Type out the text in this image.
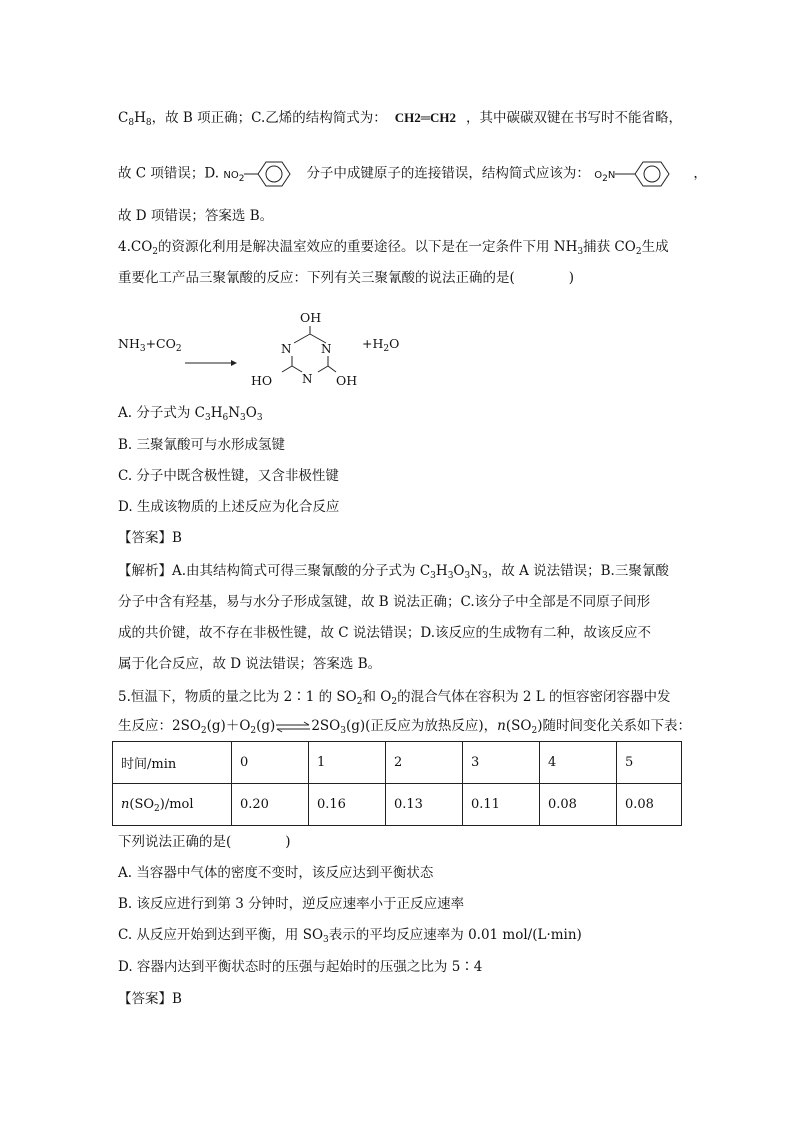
$C_8H_8$，故 B 项正确；C.乙烯的结构简式为： CH2═CH2 ，其中碳碳双键在书写时不能省略，
故 C 项错误；D. $NO_2$	分子中成键原子的连接错误，结构简式应该为： $O_2N$	，
故 D 项错误；答案选 B。
$4.CO_2$的资源化利用是解决温室效应的重要途径。以下是在一定条件下用 $NH_3$捕获 $CO_2$生成
重要化工产品三聚氰酸的反应：下列有关三聚氰酸的说法正确的是(	)
$NH_3+CO_2$
OH
N N
N
HO	OH
$+H_2O$
A. 分子式为 $C_3H_6N_3O_3$
B. 三聚氰酸可与水形成氢键
C. 分子中既含极性键，又含非极性键
D. 生成该物质的上述反应为化合反应
【答案】B
【解析】A.由其结构简式可得三聚氰酸的分子式为 $C_3H_3O_3N_3$，故 A 说法错误；B.三聚氰酸
分子中含有羟基，易与水分子形成氢键，故 B 说法正确；C.该分子中全部是不同原子间形
成的共价键，故不存在非极性键，故 C 说法错误；D.该反应的生成物有二种，故该反应不
属于化合反应，故 D 说法错误；答案选 B。
5.恒温下，物质的量之比为 2∶1 的 $SO_2$和 $O_2$的混合气体在容积为 2 L 的恒容密闭容器中发
生反应：$2SO_2(g)+O_2(g)\rightleftharpoons 2SO_3(g)$(正反应为放热反应)，$n(SO_2)$随时间变化关系如下表：
时间/min	0	1	2	3	4	5
$n(SO_2)$/mol	0.20	0.16	0.13	0.11	0.08	0.08
下列说法正确的是(	)
A. 当容器中气体的密度不变时，该反应达到平衡状态
B. 该反应进行到第 3 分钟时，逆反应速率小于正反应速率
C. 从反应开始到达到平衡，用 $SO_3$表示的平均反应速率为 0.01 mol/(L·min)
D. 容器内达到平衡状态时的压强与起始时的压强之比为 5∶4
【答案】B
